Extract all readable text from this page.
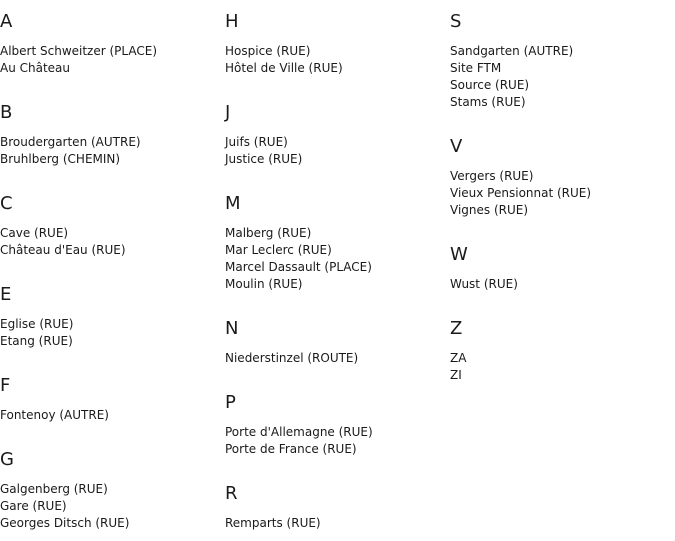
A
Albert Schweitzer (PLACE)
Au Château
B
Broudergarten (AUTRE)
Bruhlberg (CHEMIN)
C
Cave (RUE)
Château d'Eau (RUE)
E
Eglise (RUE)
Etang (RUE)
F
Fontenoy (AUTRE)
G
Galgenberg (RUE)
Gare (RUE)
Georges Ditsch (RUE)
H
Hospice (RUE)
Hôtel de Ville (RUE)
J
Juifs (RUE)
Justice (RUE)
M
Malberg (RUE)
Mar Leclerc (RUE)
Marcel Dassault (PLACE)
Moulin (RUE)
N
Niederstinzel (ROUTE)
P
Porte d'Allemagne (RUE)
Porte de France (RUE)
R
Remparts (RUE)
S
Sandgarten (AUTRE)
Site FTM
Source (RUE)
Stams (RUE)
V
Vergers (RUE)
Vieux Pensionnat (RUE)
Vignes (RUE)
W
Wust (RUE)
Z
ZA
ZI
